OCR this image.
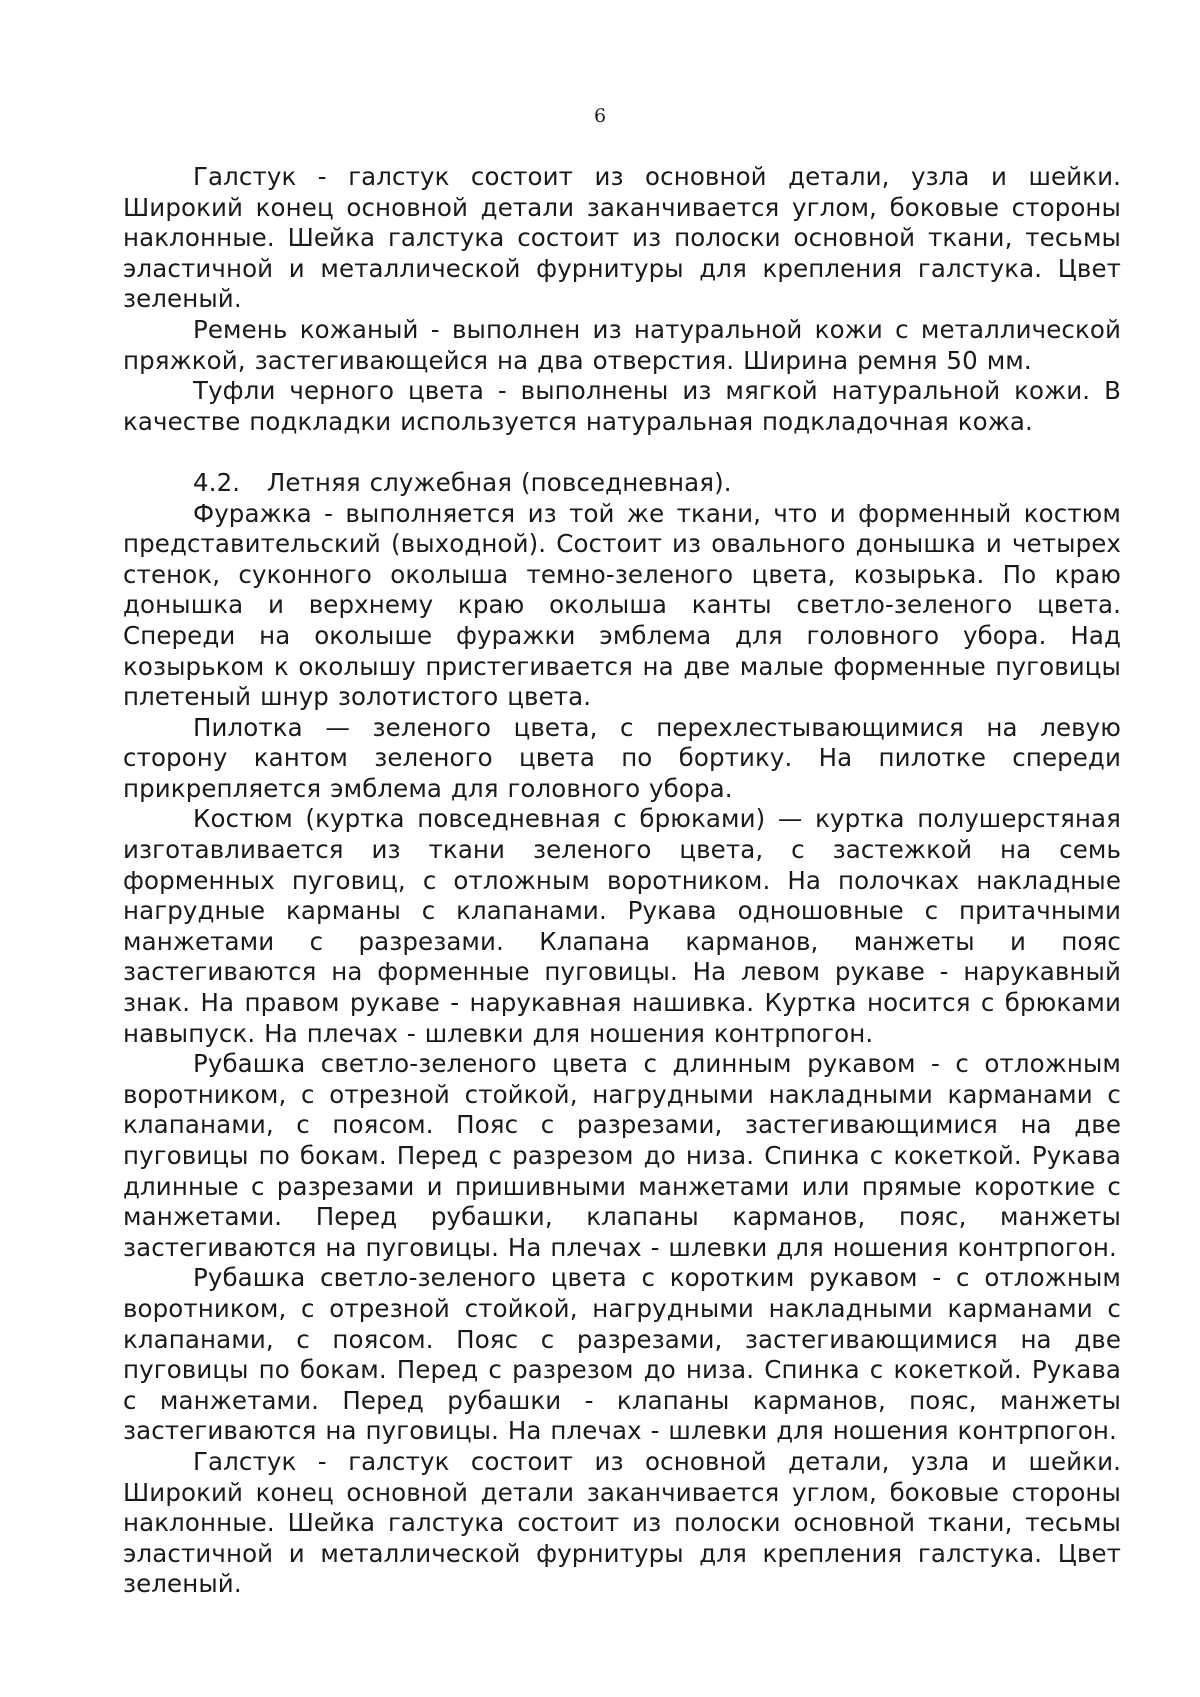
6

Галстук - галстук состоит из основной детали, узла и шейки. Широкий конец основной детали заканчивается углом, боковые стороны наклонные. Шейка галстука состоит из полоски основной ткани, тесьмы эластичной и металлической фурнитуры для крепления галстука. Цвет зеленый.

Ремень кожаный - выполнен из натуральной кожи с металлической пряжкой, застегивающейся на два отверстия. Ширина ремня 50 мм.

Туфли черного цвета - выполнены из мягкой натуральной кожи. В качестве подкладки используется натуральная подкладочная кожа.

4.2.   Летняя служебная (повседневная).

Фуражка - выполняется из той же ткани, что и форменный костюм представительский (выходной). Состоит из овального донышка и четырех стенок, суконного околыша темно-зеленого цвета, козырька. По краю донышка и верхнему краю околыша канты светло-зеленого цвета. Спереди на околыше фуражки эмблема для головного убора. Над козырьком к околышу пристегивается на две малые форменные пуговицы плетеный шнур золотистого цвета.

Пилотка — зеленого цвета, с перехлестывающимися на левую сторону кантом зеленого цвета по бортику. На пилотке спереди прикрепляется эмблема для головного убора.

Костюм (куртка повседневная с брюками) — куртка полушерстяная изготавливается из ткани зеленого цвета, с застежкой на семь форменных пуговиц, с отложным воротником. На полочках накладные нагрудные карманы с клапанами. Рукава одношовные с притачными манжетами с разрезами. Клапана карманов, манжеты и пояс застегиваются на форменные пуговицы. На левом рукаве - нарукавный знак. На правом рукаве - нарукавная нашивка. Куртка носится с брюками навыпуск. На плечах - шлевки для ношения контрпогон.

Рубашка светло-зеленого цвета с длинным рукавом - с отложным воротником, с отрезной стойкой, нагрудными накладными карманами с клапанами, с поясом. Пояс с разрезами, застегивающимися на две пуговицы по бокам. Перед с разрезом до низа. Спинка с кокеткой. Рукава длинные с разрезами и пришивными манжетами или прямые короткие с манжетами. Перед рубашки, клапаны карманов, пояс, манжеты застегиваются на пуговицы. На плечах - шлевки для ношения контрпогон.

Рубашка светло-зеленого цвета с коротким рукавом - с отложным воротником, с отрезной стойкой, нагрудными накладными карманами с клапанами, с поясом. Пояс с разрезами, застегивающимися на две пуговицы по бокам. Перед с разрезом до низа. Спинка с кокеткой. Рукава с манжетами. Перед рубашки - клапаны карманов, пояс, манжеты застегиваются на пуговицы. На плечах - шлевки для ношения контрпогон.

Галстук - галстук состоит из основной детали, узла и шейки. Широкий конец основной детали заканчивается углом, боковые стороны наклонные. Шейка галстука состоит из полоски основной ткани, тесьмы эластичной и металлической фурнитуры для крепления галстука. Цвет зеленый.
